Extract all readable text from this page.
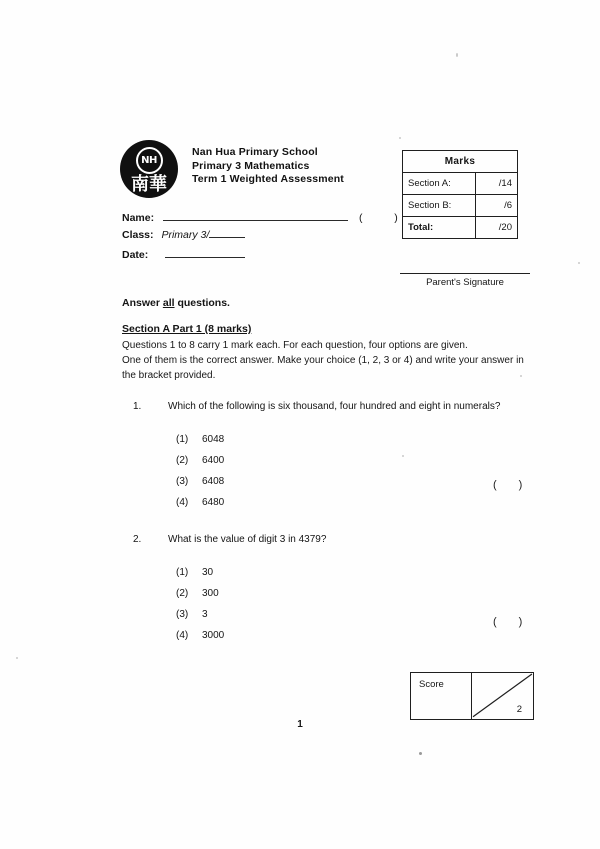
NH
南華
Nan Hua Primary School
Primary 3 Mathematics
Term 1 Weighted Assessment
Marks	
Section A:	/14
Section B:	/6
Total:	/20
Name:	(	)
Class: Primary 3/
Date:
Parent's Signature
Answer all questions.
Section A Part 1 (8 marks)
Questions 1 to 8 carry 1 mark each. For each question, four options are given.
One of them is the correct answer. Make your choice (1, 2, 3 or 4) and write your answer in
the bracket provided.
1.	Which of the following is six thousand, four hundred and eight in numerals?
(1) 6048
(2) 6400
(3) 6408
(4) 6480
()
2.	What is the value of digit 3 in 4379?
(1) 30
(2) 300
(3) 3
(4) 3000
()
Score
2
1
